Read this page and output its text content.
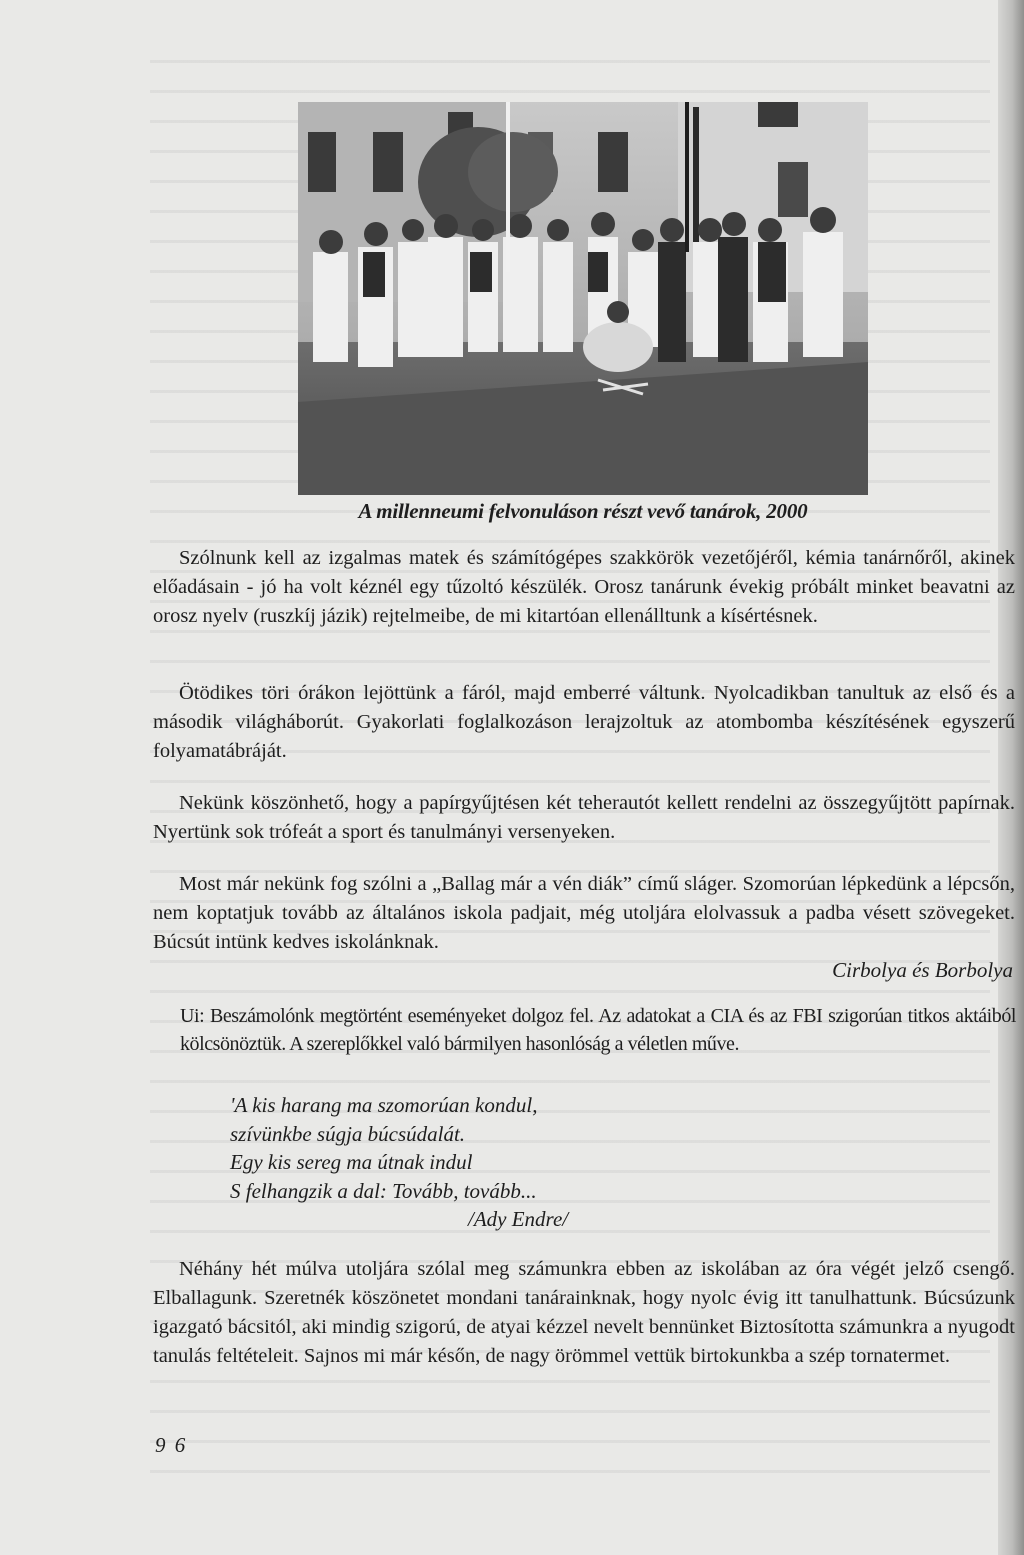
A millenneumi felvonuláson részt vevő tanárok, 2000

Szólnunk kell az izgalmas matek és számítógépes szakkörök vezetőjéről, kémia tanárnőről, akinek előadásain - jó ha volt kéznél egy tűzoltó készülék. Orosz tanárunk évekig próbált minket beavatni az orosz nyelv (ruszkíj jázik) rejtelmeibe, de mi kitartóan ellenálltunk a kísértésnek.

Ötödikes töri órákon lejöttünk a fáról, majd emberré váltunk. Nyolcadikban tanultuk az első és a második világháborút. Gyakorlati foglalkozáson lerajzoltuk az atombomba készítésének egyszerű folyamatábráját.

Nekünk köszönhető, hogy a papírgyűjtésen két teherautót kellett rendelni az összegyűjtött papírnak. Nyertünk sok trófeát a sport és tanulmányi versenyeken.

Most már nekünk fog szólni a „Ballag már a vén diák” című sláger. Szomorúan lépkedünk a lépcsőn, nem koptatjuk tovább az általános iskola padjait, még utoljára elolvassuk a padba vésett szövegeket. Búcsút intünk kedves iskolánknak.

Cirbolya és Borbolya
Ui: Beszámolónk megtörtént eseményeket dolgoz fel. Az adatokat a CIA és az FBI szigorúan titkos aktáiból kölcsönöztük. A szereplőkkel való bármilyen hasonlóság a véletlen műve.
'A kis harang ma szomorúan kondul,
szívünkbe súgja búcsúdalát.
Egy kis sereg ma útnak indul
S felhangzik a dal: Tovább, tovább...
/Ady Endre/

Néhány hét múlva utoljára szólal meg számunkra ebben az iskolában az óra végét jelző csengő. Elballagunk. Szeretnék köszönetet mondani tanárainknak, hogy nyolc évig itt tanulhattunk. Búcsúzunk igazgató bácsitól, aki mindig szigorú, de atyai kézzel nevelt bennünket Biztosította számunkra a nyugodt tanulás feltételeit. Sajnos mi már későn, de nagy örömmel vettük birtokunkba a szép tornatermet.

9 6
